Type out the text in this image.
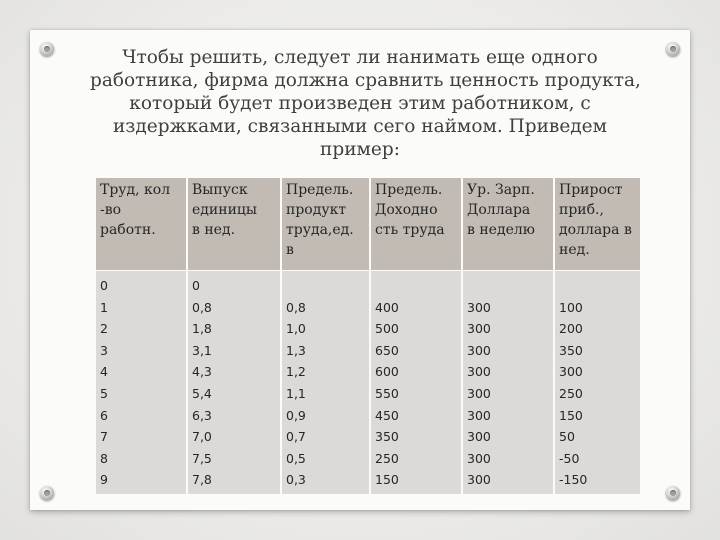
Чтобы решить, следует ли нанимать еще одного
работника, фирма должна сравнить ценность продукта,
который будет произведен этим работником, с
издержками, связанными сего наймом. Приведем
пример:
Труд, кол
-во
работн.
Выпуск
единицы
в нед.
Предель.
продукт
труда,ед.
в
Предель.
Доходно
сть труда
Ур. Зарп.
Доллара
в неделю
Прирост
приб.,
доллара в
нед.
0
1
2
3
4
5
6
7
8
9
0
0,8
1,8
3,1
4,3
5,4
6,3
7,0
7,5
7,8
0,8
1,0
1,3
1,2
1,1
0,9
0,7
0,5
0,3
400
500
650
600
550
450
350
250
150
300
300
300
300
300
300
300
300
300
100
200
350
300
250
150
50
-50
-150
